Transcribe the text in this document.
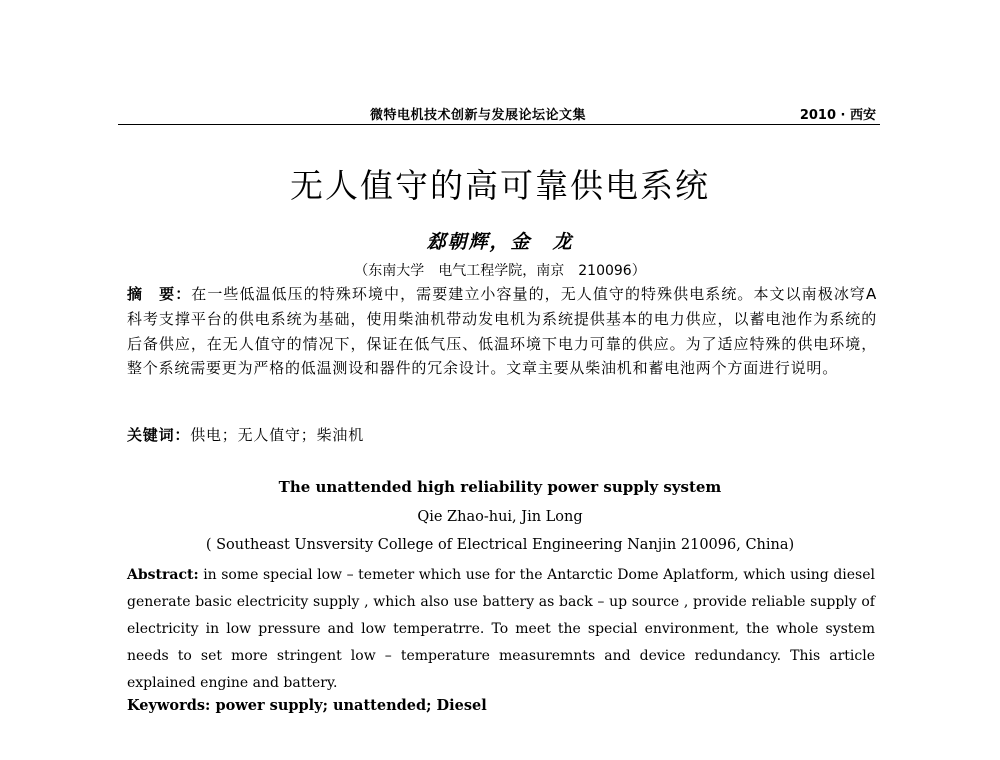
微特电机技术创新与发展论坛论文集	2010 · 西安
无人值守的高可靠供电系统
郄朝辉，金　龙
（东南大学　电气工程学院，南京　210096）
摘　要：在一些低温低压的特殊环境中，需要建立小容量的，无人值守的特殊供电系统。本文以南极冰穹A科考支撑平台的供电系统为基础，使用柴油机带动发电机为系统提供基本的电力供应，以蓄电池作为系统的后备供应，在无人值守的情况下，保证在低气压、低温环境下电力可靠的供应。为了适应特殊的供电环境，整个系统需要更为严格的低温测设和器件的冗余设计。文章主要从柴油机和蓄电池两个方面进行说明。
关键词：供电；无人值守；柴油机
The unattended high reliability power supply system
Qie Zhao-hui, Jin Long
( Southeast Unsversity College of Electrical Engineering Nanjin 210096, China)
Abstract: in some special low – temeter which use for the Antarctic Dome Aplatform, which using diesel generate basic electricity supply , which also use battery as back – up source , provide reliable supply of electricity in low pressure and low temperatrre. To meet the special environment, the whole system needs to set more stringent low – temperature measuremnts and device redundancy. This article explained engine and battery.
Keywords: power supply; unattended; Diesel
